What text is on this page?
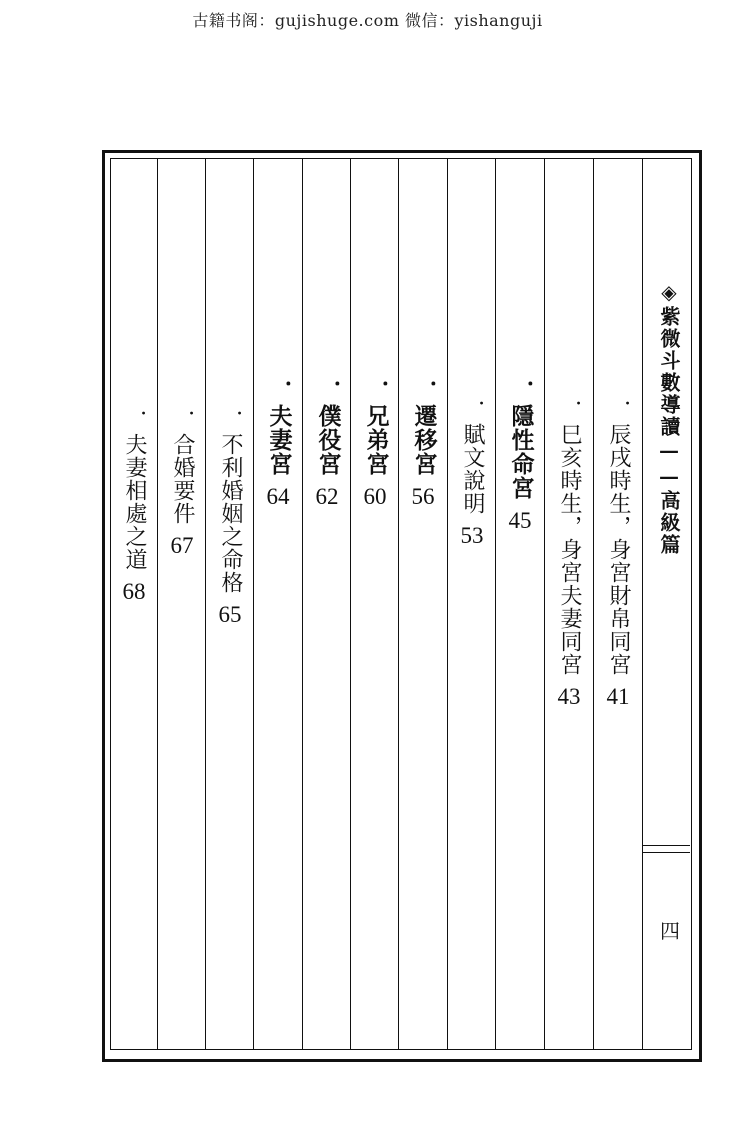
古籍书阁：gujishuge.com 微信：yishanguji
◈紫微斗數導讀——高級篇
四
．辰戌時生，身宮財帛同宮
41
．巳亥時生，身宮夫妻同宮
43
．隱性命宮
45
．賦文說明
53
．遷移宮
56
．兄弟宮
60
．僕役宮
62
．夫妻宮
64
．不利婚姻之命格
65
．合婚要件
67
．夫妻相處之道
68
